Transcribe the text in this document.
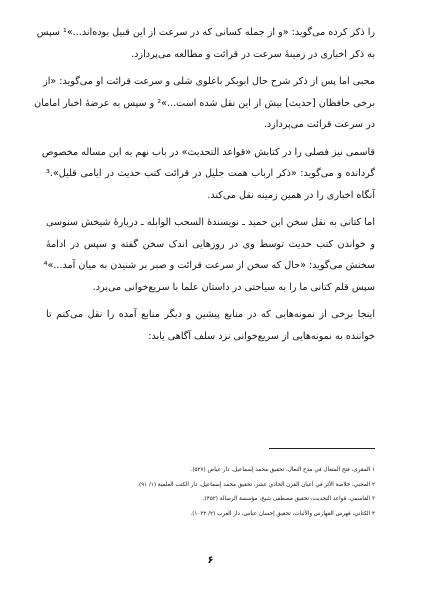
را ذکر کرده می‌گوید: «و از جمله کسانی که در سرعت از این قبیل بوده‌اند...»¹ سپس
به ذکر اخباری در زمینهٔ سرعت در قرائت و مطالعه می‌پردازد.

محبی اما پس از ذکر شرح حال ابوبکر باعلوی شلی و سرعت قرائت او می‌گوید: «از
برخی حافظان [حدیث] بیش از این نقل شده است...»² و سپس به عرضهٔ اخبار امامان
در سرعت قرائت می‌پردازد.

قاسمی نیز فصلی را در کتابش «قواعد التحدیث» در باب نهم به این مساله مخصوص
گردانده و می‌گوید: «ذکر ارباب همت جلیل در قرائت کتب حدیث در ایامی قلیل».³
آنگاه اخباری را در همین زمینه نقل می‌کند.

اما کتانی به نقل سخن ابن حمید ـ نویسندهٔ السحب الوابله ـ دربارهٔ شیخش سنوسی
و خواندن کتب حدیث توسط وی در روزهایی اندک سخن گفته و سپس در ادامهٔ
سخنش می‌گوید: «حال که سخن از سرعت قرائت و صبر بر شنیدن به میان آمد...»⁴
سپس قلم کتانی ما را به سیاحتی در داستان علما با سریع‌خوانی می‌برد.

اینجا برخی از نمونه‌هایی که در منابع پیشین و دیگر منابع آمده را نقل می‌کنم تا
خواننده به نمونه‌هایی از سریع‌خوانی نزد سلف آگاهی یابد:

۱ المقری، فتح المتعال في مدح النعال، تحقیق محمد إسماعیل، دار عیاض (۵۲۷).
۲ المحبي، خلاصة الأثر في أعيان القرن الحادي عشر، تحقيق محمد إسماعيل، دار الكتب العلمية (۱/ ۹۱).
۳ القاسمي، قواعد التحديث، تحقيق مصطفى شيخ، مؤسسة الرسالة (۴۵۲).
۴ الكتاني، فهرس الفهارس والأثبات، تحقيق إحسان عباس، دار الغرب (۲/ ۱۰۳۲).
۶
